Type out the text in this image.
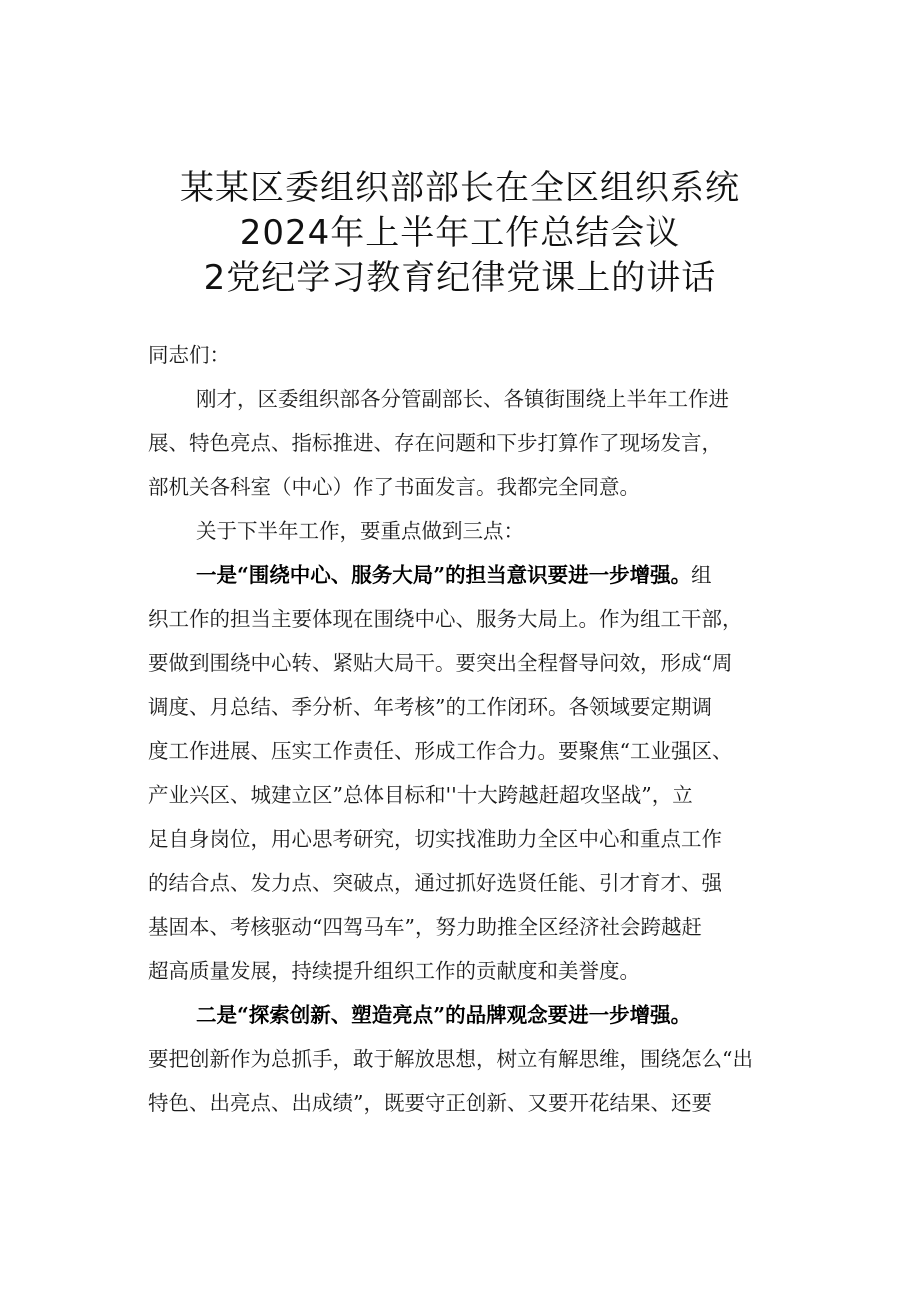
某某区委组织部部长在全区组织系统
2024年上半年工作总结会议
2党纪学习教育纪律党课上的讲话
同志们：
刚才，区委组织部各分管副部长、各镇街围绕上半年工作进
展、特色亮点、指标推进、存在问题和下步打算作了现场发言，
部机关各科室（中心）作了书面发言。我都完全同意。
关于下半年工作，要重点做到三点：
一是“围绕中心、服务大局”的担当意识要进一步增强。组
织工作的担当主要体现在围绕中心、服务大局上。作为组工干部，
要做到围绕中心转、紧贴大局干。要突出全程督导问效，形成“周
调度、月总结、季分析、年考核”的工作闭环。各领域要定期调
度工作进展、压实工作责任、形成工作合力。要聚焦“工业强区、
产业兴区、城建立区”总体目标和''十大跨越赶超攻坚战”，立
足自身岗位，用心思考研究，切实找准助力全区中心和重点工作
的结合点、发力点、突破点，通过抓好选贤任能、引才育才、强
基固本、考核驱动“四驾马车”，努力助推全区经济社会跨越赶
超高质量发展，持续提升组织工作的贡献度和美誉度。
二是“探索创新、塑造亮点”的品牌观念要进一步增强。
要把创新作为总抓手，敢于解放思想，树立有解思维，围绕怎么“出
特色、出亮点、出成绩”，既要守正创新、又要开花结果、还要
